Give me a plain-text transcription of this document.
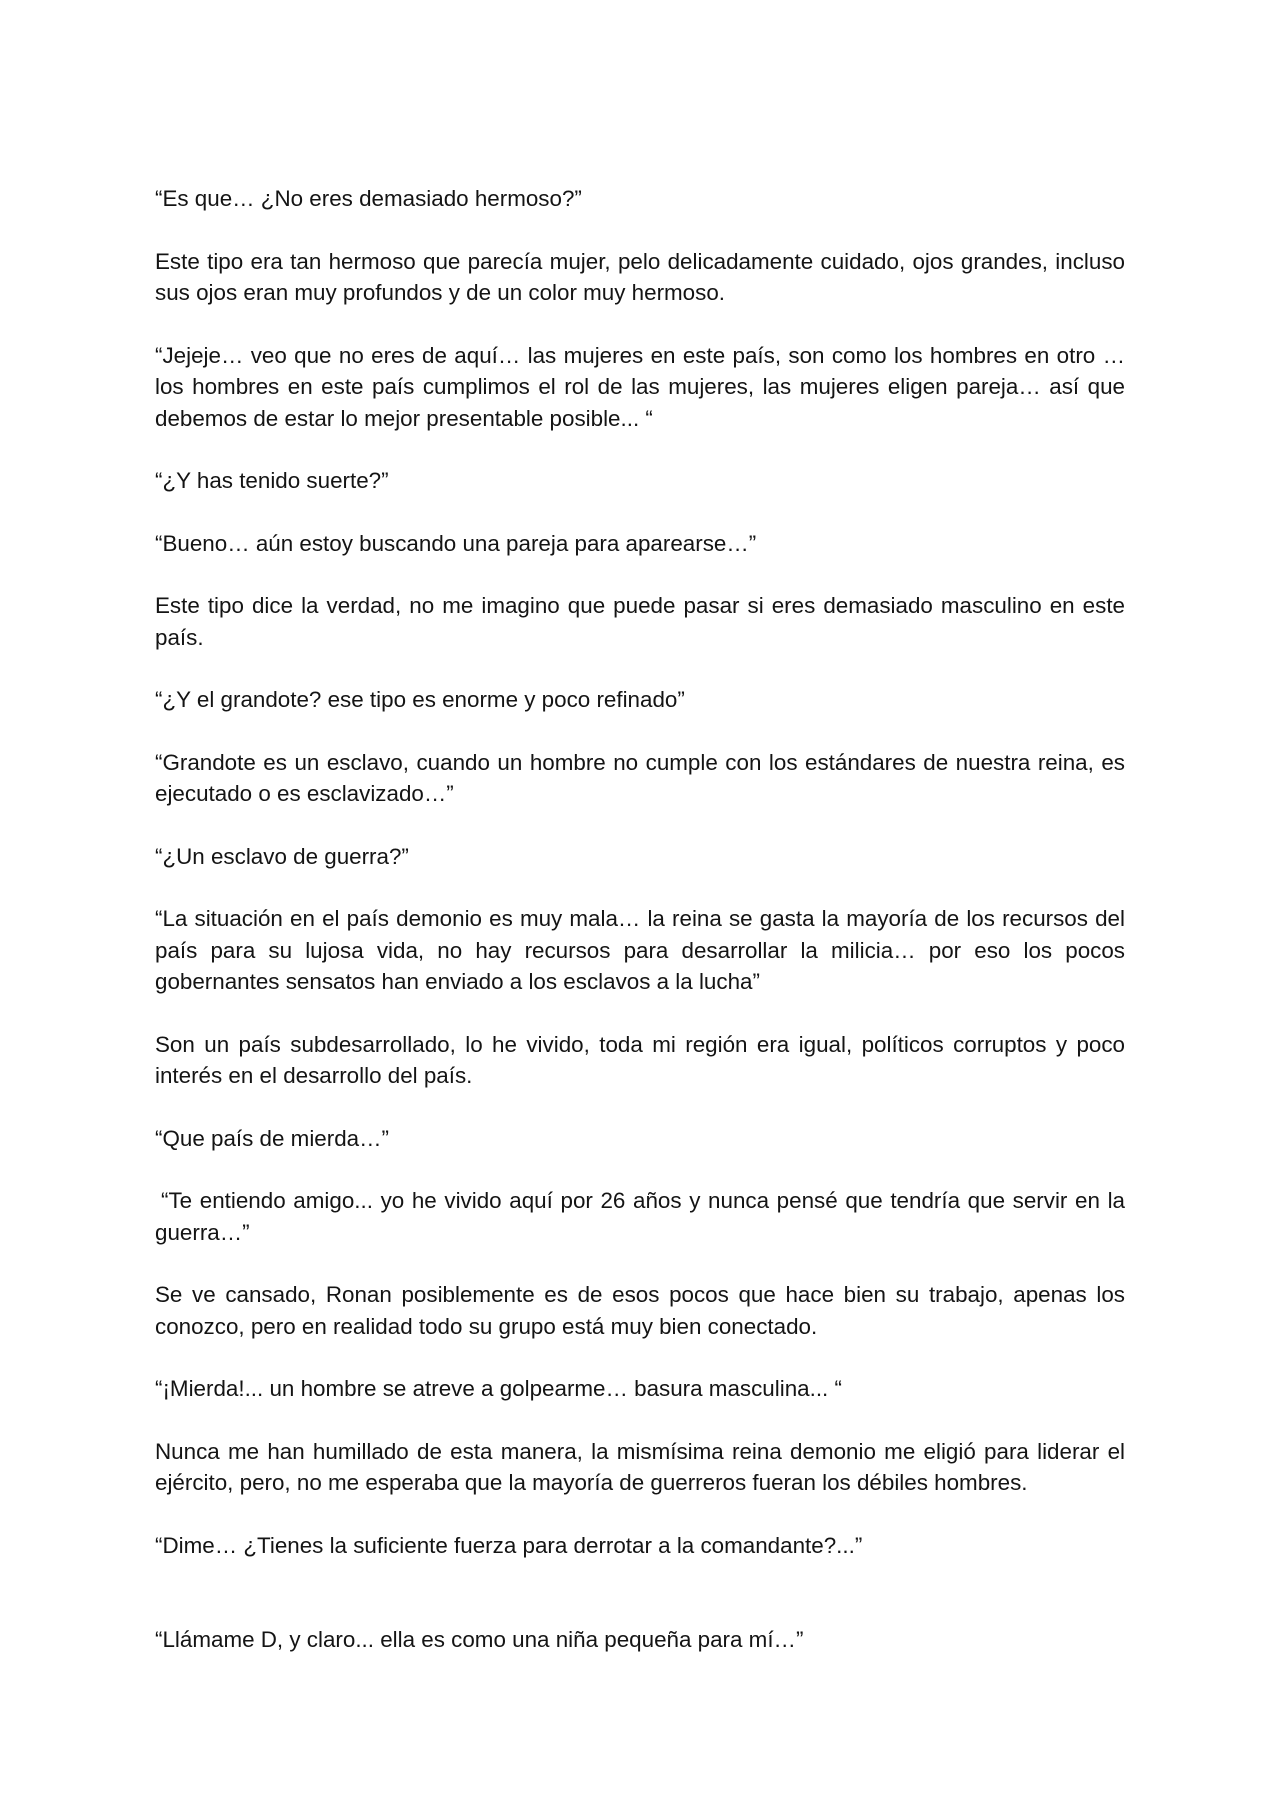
“Es que… ¿No eres demasiado hermoso?”

Este tipo era tan hermoso que parecía mujer, pelo delicadamente cuidado, ojos grandes, incluso sus ojos eran muy profundos y de un color muy hermoso.

“Jejeje… veo que no eres de aquí… las mujeres en este país, son como los hombres en otro … los hombres en este país cumplimos el rol de las mujeres, las mujeres eligen pareja… así que debemos de estar lo mejor presentable posible... “

“¿Y has tenido suerte?”

“Bueno… aún estoy buscando una pareja para aparearse…”

Este tipo dice la verdad, no me imagino que puede pasar si eres demasiado masculino en este país.

“¿Y el grandote? ese tipo es enorme y poco refinado”

“Grandote es un esclavo, cuando un hombre no cumple con los estándares de nuestra reina, es ejecutado o es esclavizado…”

“¿Un esclavo de guerra?”

“La situación en el país demonio es muy mala… la reina se gasta la mayoría de los recursos del país para su lujosa vida, no hay recursos para desarrollar la milicia… por eso los pocos gobernantes sensatos han enviado a los esclavos a la lucha”

Son un país subdesarrollado, lo he vivido, toda mi región era igual, políticos corruptos y poco interés en el desarrollo del país.

“Que país de mierda…”

“Te entiendo amigo... yo he vivido aquí por 26 años y nunca pensé que tendría que servir en la guerra…”

Se ve cansado, Ronan posiblemente es de esos pocos que hace bien su trabajo, apenas los conozco, pero en realidad todo su grupo está muy bien conectado.

“¡Mierda!... un hombre se atreve a golpearme… basura masculina... “

Nunca me han humillado de esta manera, la mismísima reina demonio me eligió para liderar el ejército, pero, no me esperaba que la mayoría de guerreros fueran los débiles hombres.

“Dime… ¿Tienes la suficiente fuerza para derrotar a la comandante?...”

“Llámame D, y claro... ella es como una niña pequeña para mí…”
